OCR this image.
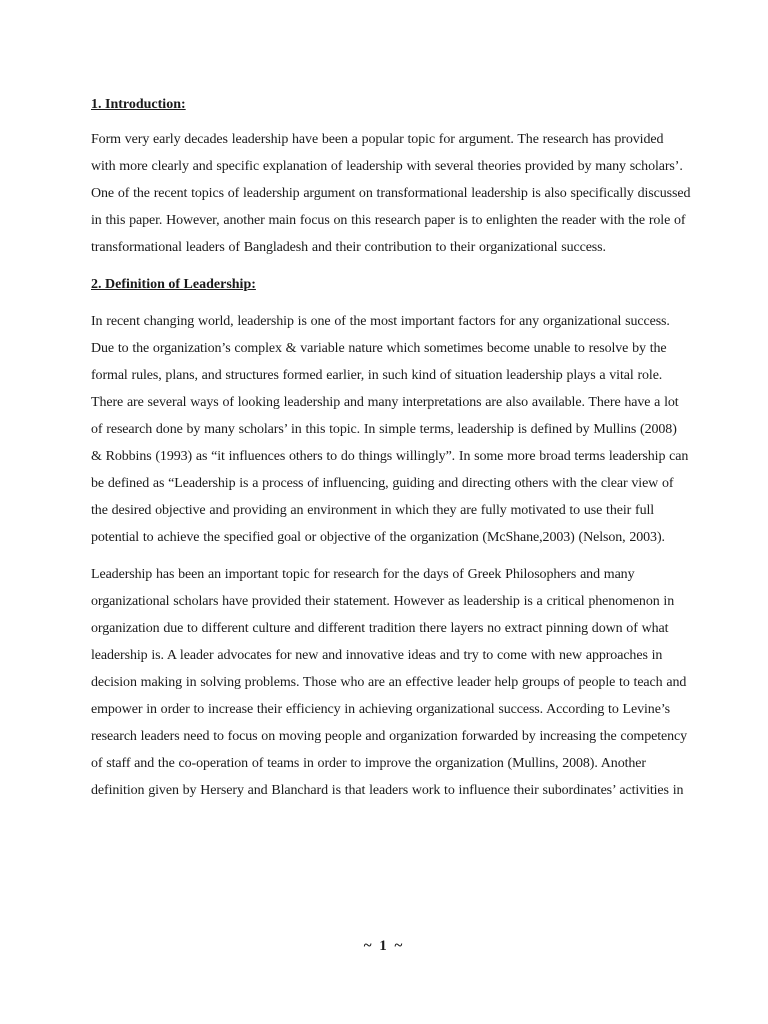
1. Introduction:

Form very early decades leadership have been a popular topic for argument. The research has provided with more clearly and specific explanation of leadership with several theories provided by many scholars’. One of the recent topics of leadership argument on transformational leadership is also specifically discussed in this paper. However, another main focus on this research paper is to enlighten the reader with the role of transformational leaders of Bangladesh and their contribution to their organizational success.

2. Definition of Leadership:

In recent changing world, leadership is one of the most important factors for any organizational success. Due to the organization’s complex & variable nature which sometimes become unable to resolve by the formal rules, plans, and structures formed earlier, in such kind of situation leadership plays a vital role. There are several ways of looking leadership and many interpretations are also available. There have a lot of research done by many scholars’ in this topic. In simple terms, leadership is defined by Mullins (2008) & Robbins (1993) as “it influences others to do things willingly”. In some more broad terms leadership can be defined as “Leadership is a process of influencing, guiding and directing others with the clear view of the desired objective and providing an environment in which they are fully motivated to use their full potential to achieve the specified goal or objective of the organization (McShane,2003) (Nelson, 2003).

Leadership has been an important topic for research for the days of Greek Philosophers and many organizational scholars have provided their statement. However as leadership is a critical phenomenon in organization due to different culture and different tradition there layers no extract pinning down of what leadership is. A leader advocates for new and innovative ideas and try to come with new approaches in decision making in solving problems. Those who are an effective leader help groups of people to teach and empower in order to increase their efficiency in achieving organizational success. According to Levine’s research leaders need to focus on moving people and organization forwarded by increasing the competency of staff and the co-operation of teams in order to improve the organization (Mullins, 2008). Another definition given by Hersery and Blanchard is that leaders work to influence their subordinates’ activities in

~ 1 ~
